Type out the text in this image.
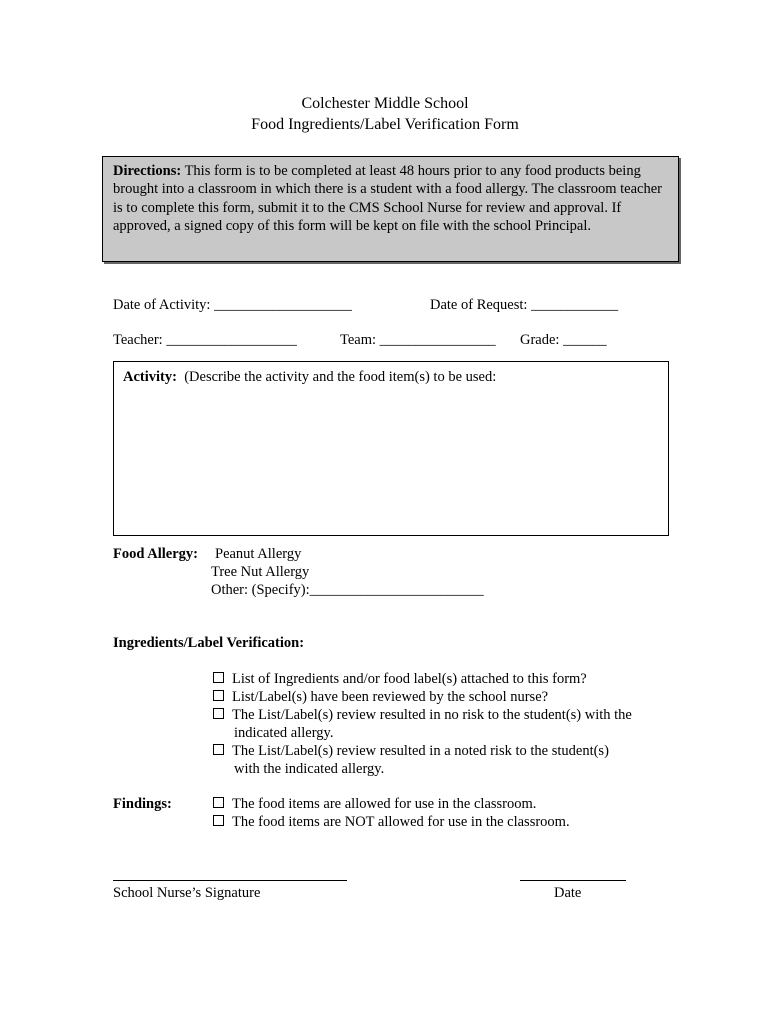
Colchester Middle School
Food Ingredients/Label Verification Form
Directions: This form is to be completed at least 48 hours prior to any food products being brought into a classroom in which there is a student with a food allergy. The classroom teacher is to complete this form, submit it to the CMS School Nurse for review and approval. If approved, a signed copy of this form will be kept on file with the school Principal.
Date of Activity: ___________________	Date of Request: ____________
Teacher: __________________	Team: ________________ Grade: ______
Activity: (Describe the activity and the food item(s) to be used:
Food Allergy: Peanut Allergy
Tree Nut Allergy
Other: (Specify):________________________
Ingredients/Label Verification:
List of Ingredients and/or food label(s) attached to this form?
List/Label(s) have been reviewed by the school nurse?
The List/Label(s) review resulted in no risk to the student(s) with the
indicated allergy.
The List/Label(s) review resulted in a noted risk to the student(s)
with the indicated allergy.
Findings:	The food items are allowed for use in the classroom.
The food items are NOT allowed for use in the classroom.
School Nurse’s Signature	Date
